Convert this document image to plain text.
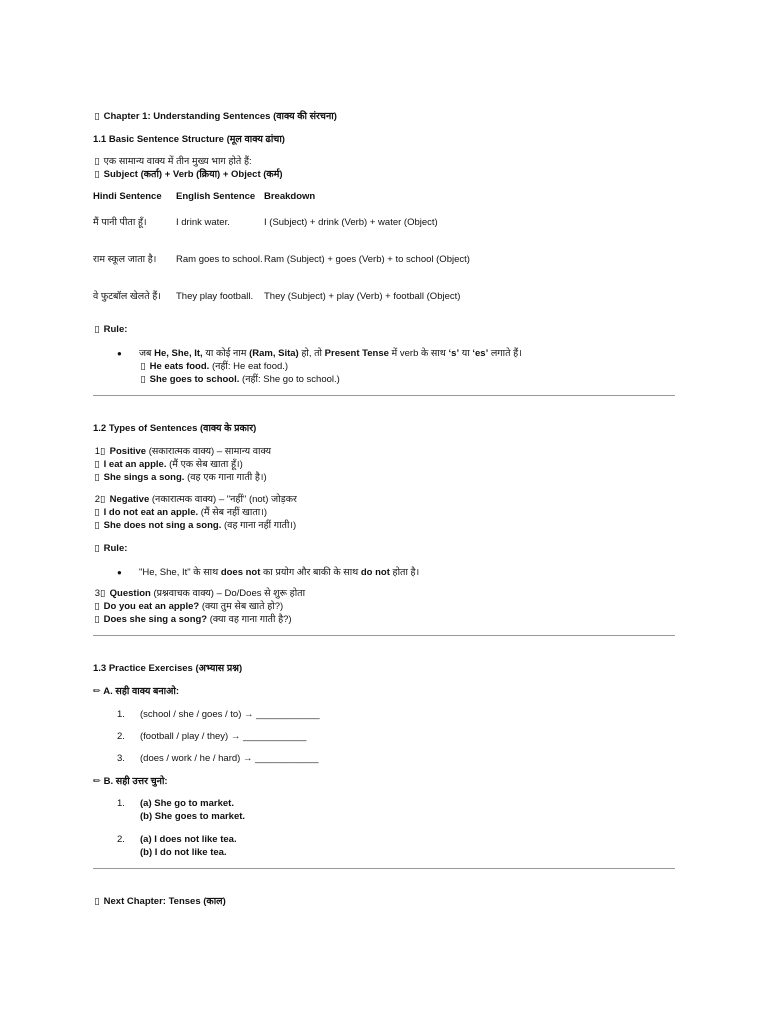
▯ Chapter 1: Understanding Sentences (वाक्य की संरचना)
1.1 Basic Sentence Structure (मूल वाक्य ढांचा)
▯ एक सामान्य वाक्य में तीन मुख्य भाग होते हैं:
▯ Subject (कर्ता) + Verb (क्रिया) + Object (कर्म)
Hindi Sentence	English Sentence	Breakdown
मैं पानी पीता हूँ।	I drink water.	I (Subject) + drink (Verb) + water (Object)
राम स्कूल जाता है।	Ram goes to school.	Ram (Subject) + goes (Verb) + to school (Object)
वे फुटबॉल खेलते हैं।	They play football.	They (Subject) + play (Verb) + football (Object)
▯ Rule:
● जब He, She, It, या कोई नाम (Ram, Sita) हो, तो Present Tense में verb के साथ ‘s’ या ‘es’ लगाते हैं।
▯ He eats food. (नहीं: He eat food.)
▯ She goes to school. (नहीं: She go to school.)
1.2 Types of Sentences (वाक्य के प्रकार)
1▯ Positive (सकारात्मक वाक्य) – सामान्य वाक्य
▯ I eat an apple. (मैं एक सेब खाता हूँ।)
▯ She sings a song. (वह एक गाना गाती है।)
2▯ Negative (नकारात्मक वाक्य) – "नहीं" (not) जोड़कर
▯ I do not eat an apple. (मैं सेब नहीं खाता।)
▯ She does not sing a song. (वह गाना नहीं गाती।)
▯ Rule:
● "He, She, It" के साथ does not का प्रयोग और बाकी के साथ do not होता है।
3▯ Question (प्रश्नवाचक वाक्य) – Do/Does से शुरू होता
▯ Do you eat an apple? (क्या तुम सेब खाते हो?)
▯ Does she sing a song? (क्या वह गाना गाती है?)
1.3 Practice Exercises (अभ्यास प्रश्न)
✏ A. सही वाक्य बनाओ:
1. (school / she / goes / to) → ____________
2. (football / play / they) → ____________
3. (does / work / he / hard) → ____________
✏ B. सही उत्तर चुनो:
1. (a) She go to market.
(b) She goes to market.
2. (a) I does not like tea.
(b) I do not like tea.
▯ Next Chapter: Tenses (काल)
